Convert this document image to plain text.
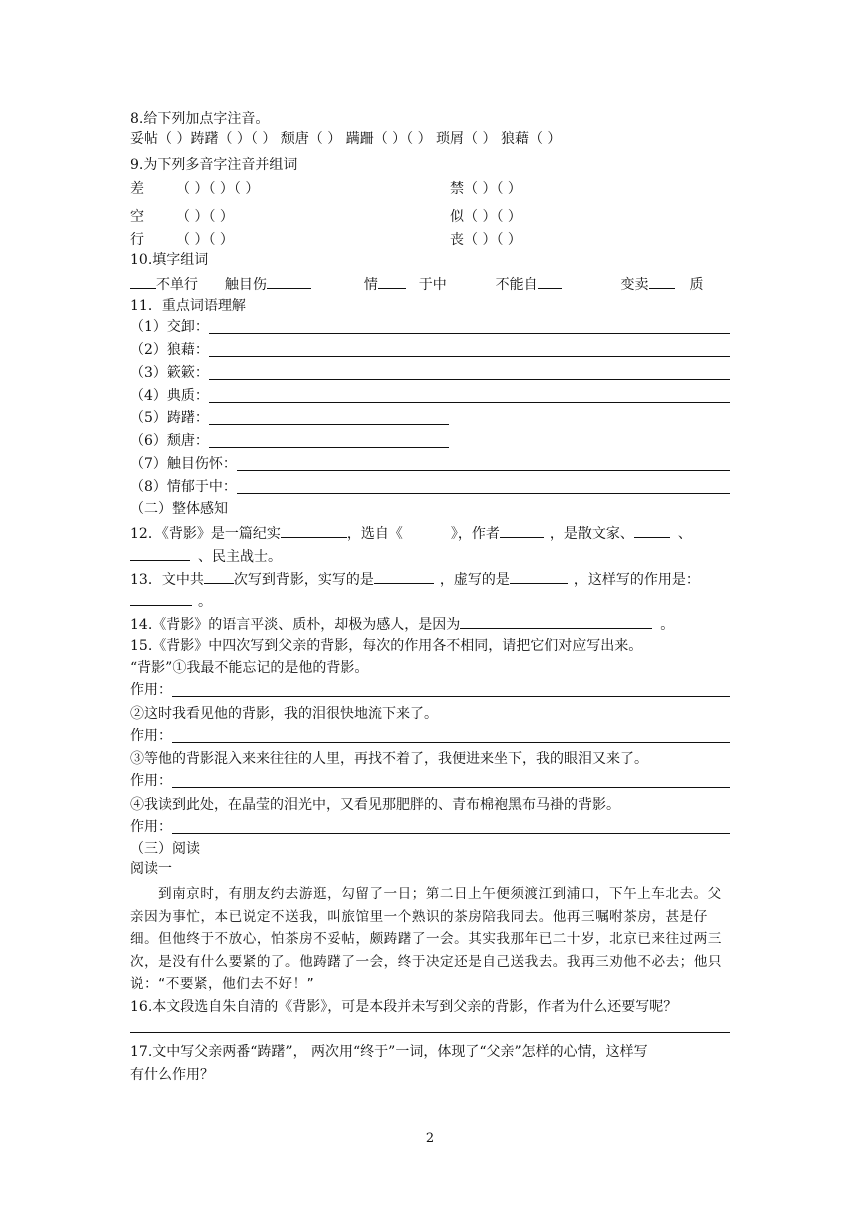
8.给下列加点字注音。
妥帖（ ）踌躇（ ）（ ） 颓唐（ ） 蹒跚（ ）（ ） 琐屑（ ） 狼藉（ ）
9.为下列多音字注音并组词
差 （ ）（ ）（ ）	禁（ ）（ ）
空 （ ）（ ）	似（ ）（ ）
行 （ ）（ ）	丧（ ）（ ）
10.填字组词
不单行 触目伤	情	于中	不能自	变卖	质
11．重点词语理解
（1）交卸：
（2）狼藉：
（3）簌簌：
（4）典质：
（5）踌躇：
（6）颓唐：
（7）触目伤怀：
（8）情郁于中：
（二）整体感知
12．《背影》是一篇纪实	，选自《	》，作者	，是散文家、	、
、民主战士。
13．文中共 次写到背影，实写的是	，虚写的是	，这样写的作用是：
。
14.《背影》的语言平淡、质朴，却极为感人，是因为	。
15.《背影》中四次写到父亲的背影，每次的作用各不相同，请把它们对应写出来。
“背影”①我最不能忘记的是他的背影。
作用：
②这时我看见他的背影，我的泪很快地流下来了。
作用：
③等他的背影混入来来往往的人里，再找不着了，我便进来坐下，我的眼泪又来了。
作用：
④我读到此处，在晶莹的泪光中，又看见那肥胖的、青布棉袍黑布马褂的背影。
作用：
（三）阅读
阅读一

到南京时，有朋友约去游逛，勾留了一日；第二日上午便须渡江到浦口，下午上车北去。父亲因为事忙，本已说定不送我，叫旅馆里一个熟识的茶房陪我同去。他再三嘱咐茶房，甚是仔细。但他终于不放心，怕茶房不妥帖，颇踌躇了一会。其实我那年已二十岁，北京已来往过两三次，是没有什么要紧的了。他踌躇了一会，终于决定还是自己送我去。我再三劝他不必去；他只说：“不要紧，他们去不好！”

16.本文段选自朱自清的《背影》，可是本段并未写到父亲的背影，作者为什么还要写呢？
17.文中写父亲两番“踌躇”， 两次用“终于”一词，体现了“父亲”怎样的心情，这样写
有什么作用？
2
